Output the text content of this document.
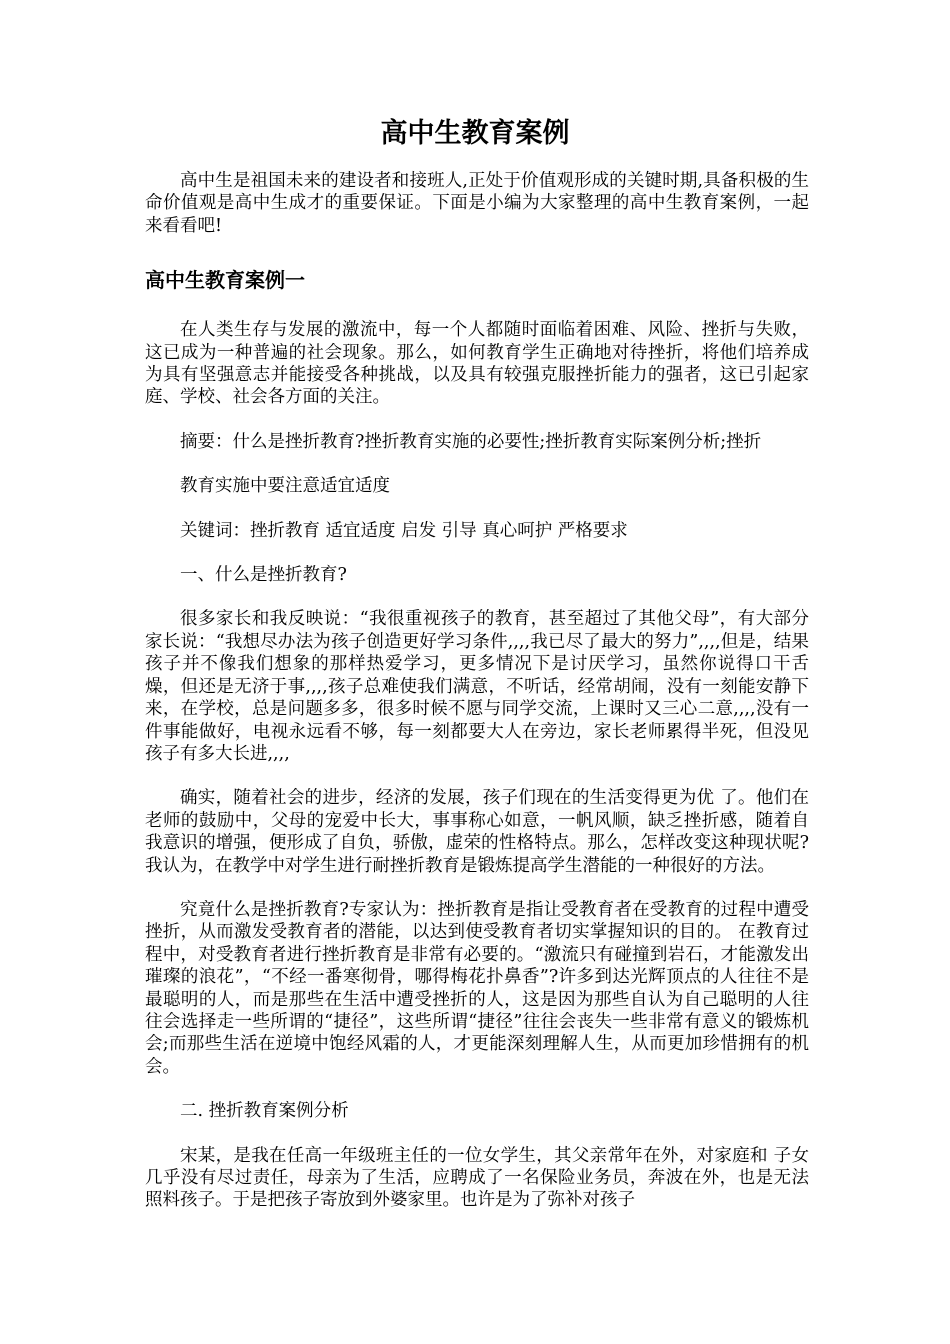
高中生教育案例

高中生是祖国未来的建设者和接班人,正处于价值观形成的关键时期,具备积极的生命价值观是高中生成才的重要保证。下面是小编为大家整理的高中生教育案例，一起来看看吧!

高中生教育案例一

在人类生存与发展的激流中，每一个人都随时面临着困难、风险、挫折与失败，这已成为一种普遍的社会现象。那么，如何教育学生正确地对待挫折，将他们培养成为具有坚强意志并能接受各种挑战，以及具有较强克服挫折能力的强者，这已引起家庭、学校、社会各方面的关注。

摘要：什么是挫折教育?挫折教育实施的必要性;挫折教育实际案例分析;挫折

教育实施中要注意适宜适度

关键词：挫折教育 适宜适度 启发 引导 真心呵护 严格要求

一、什么是挫折教育?

很多家长和我反映说：“我很重视孩子的教育，甚至超过了其他父母”，有大部分家长说：“我想尽办法为孩子创造更好学习条件,,,,我已尽了最大的努力”,,,,但是，结果孩子并不像我们想象的那样热爱学习，更多情况下是讨厌学习，虽然你说得口干舌燥，但还是无济于事,,,,孩子总难使我们满意，不听话，经常胡闹，没有一刻能安静下来，在学校，总是问题多多，很多时候不愿与同学交流，上课时又三心二意,,,,没有一件事能做好，电视永远看不够，每一刻都要大人在旁边，家长老师累得半死，但没见孩子有多大长进,,,,

确实，随着社会的进步，经济的发展，孩子们现在的生活变得更为优 了。他们在老师的鼓励中，父母的宠爱中长大，事事称心如意，一帆风顺，缺乏挫折感，随着自我意识的增强，便形成了自负，骄傲，虚荣的性格特点。那么，怎样改变这种现状呢?我认为，在教学中对学生进行耐挫折教育是锻炼提高学生潜能的一种很好的方法。

究竟什么是挫折教育?专家认为：挫折教育是指让受教育者在受教育的过程中遭受挫折，从而激发受教育者的潜能，以达到使受教育者切实掌握知识的目的。 在教育过程中，对受教育者进行挫折教育是非常有必要的。“激流只有碰撞到岩石，才能激发出璀璨的浪花”，“不经一番寒彻骨，哪得梅花扑鼻香”?许多到达光辉顶点的人往往不是最聪明的人，而是那些在生活中遭受挫折的人，这是因为那些自认为自己聪明的人往往会选择走一些所谓的“捷径”，这些所谓“捷径”往往会丧失一些非常有意义的锻炼机会;而那些生活在逆境中饱经风霜的人，才更能深刻理解人生，从而更加珍惜拥有的机会。

二. 挫折教育案例分析

宋某，是我在任高一年级班主任的一位女学生，其父亲常年在外，对家庭和 子女几乎没有尽过责任，母亲为了生活，应聘成了一名保险业务员，奔波在外，也是无法照料孩子。于是把孩子寄放到外婆家里。也许是为了弥补对孩子
